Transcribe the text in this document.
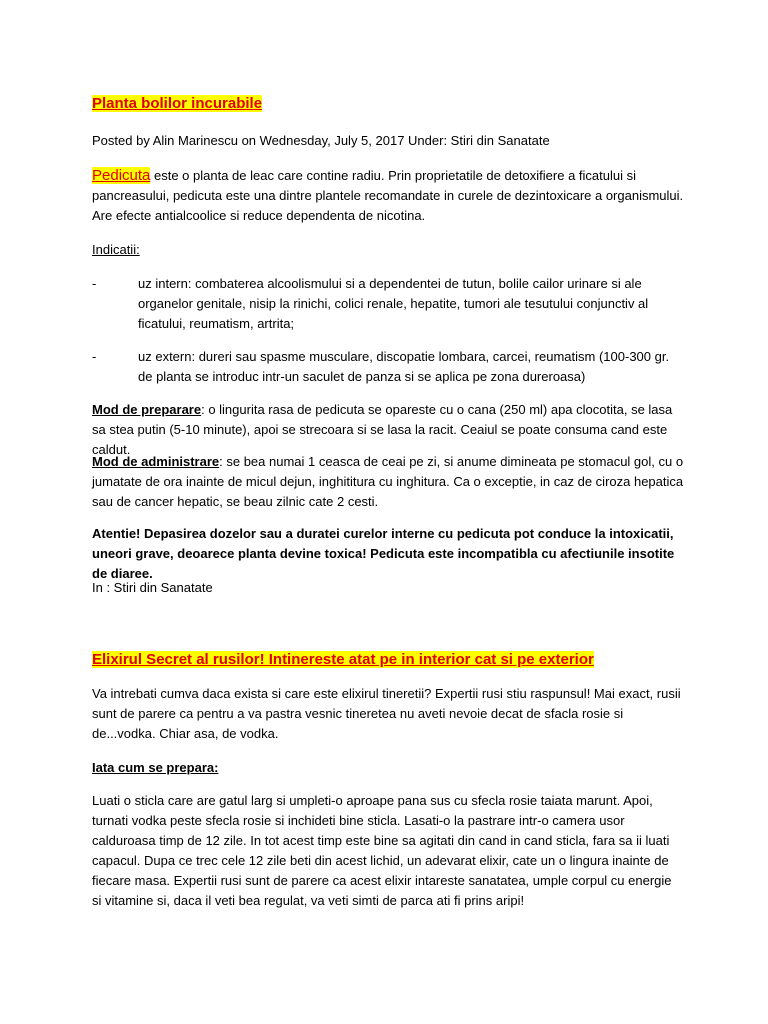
Planta bolilor incurabile

Posted by Alin Marinescu on Wednesday, July 5, 2017 Under: Stiri din Sanatate

Pedicuta este o planta de leac care contine radiu. Prin proprietatile de detoxifiere a ficatului si pancreasului, pedicuta este una dintre plantele recomandate in curele de dezintoxicare a organismului. Are efecte antialcoolice si reduce dependenta de nicotina.

Indicatii:

-	uz intern: combaterea alcoolismului si a dependentei de tutun, bolile cailor urinare si ale organelor genitale, nisip la rinichi, colici renale, hepatite, tumori ale tesutului conjunctiv al ficatului, reumatism, artrita;
-	uz extern: dureri sau spasme musculare, discopatie lombara, carcei, reumatism (100-300 gr. de planta se introduc intr-un saculet de panza si se aplica pe zona dureroasa)

Mod de preparare: o lingurita rasa de pedicuta se opareste cu o cana (250 ml) apa clocotita, se lasa sa stea putin (5-10 minute), apoi se strecoara si se lasa la racit. Ceaiul se poate consuma cand este caldut.

Mod de administrare: se bea numai 1 ceasca de ceai pe zi, si anume dimineata pe stomacul gol, cu o jumatate de ora inainte de micul dejun, inghititura cu inghitura. Ca o exceptie, in caz de ciroza hepatica sau de cancer hepatic, se beau zilnic cate 2 cesti.

Atentie! Depasirea dozelor sau a duratei curelor interne cu pedicuta pot conduce la intoxicatii, uneori grave, deoarece planta devine toxica! Pedicuta este incompatibla cu afectiunile insotite de diaree.

In : Stiri din Sanatate

Elixirul Secret al rusilor! Intinereste atat pe in interior cat si pe exterior

Va intrebati cumva daca exista si care este elixirul tineretii? Expertii rusi stiu raspunsul! Mai exact, rusii sunt de parere ca pentru a va pastra vesnic tineretea nu aveti nevoie decat de sfacla rosie si de...vodka. Chiar asa, de vodka.

Iata cum se prepara:

Luati o sticla care are gatul larg si umpleti-o aproape pana sus cu sfecla rosie taiata marunt. Apoi, turnati vodka peste sfecla rosie si inchideti bine sticla. Lasati-o la pastrare intr-o camera usor calduroasa timp de 12 zile. In tot acest timp este bine sa agitati din cand in cand sticla, fara sa ii luati capacul. Dupa ce trec cele 12 zile beti din acest lichid, un adevarat elixir, cate un o lingura inainte de fiecare masa. Expertii rusi sunt de parere ca acest elixir intareste sanatatea, umple corpul cu energie si vitamine si, daca il veti bea regulat, va veti simti de parca ati fi prins aripi!
